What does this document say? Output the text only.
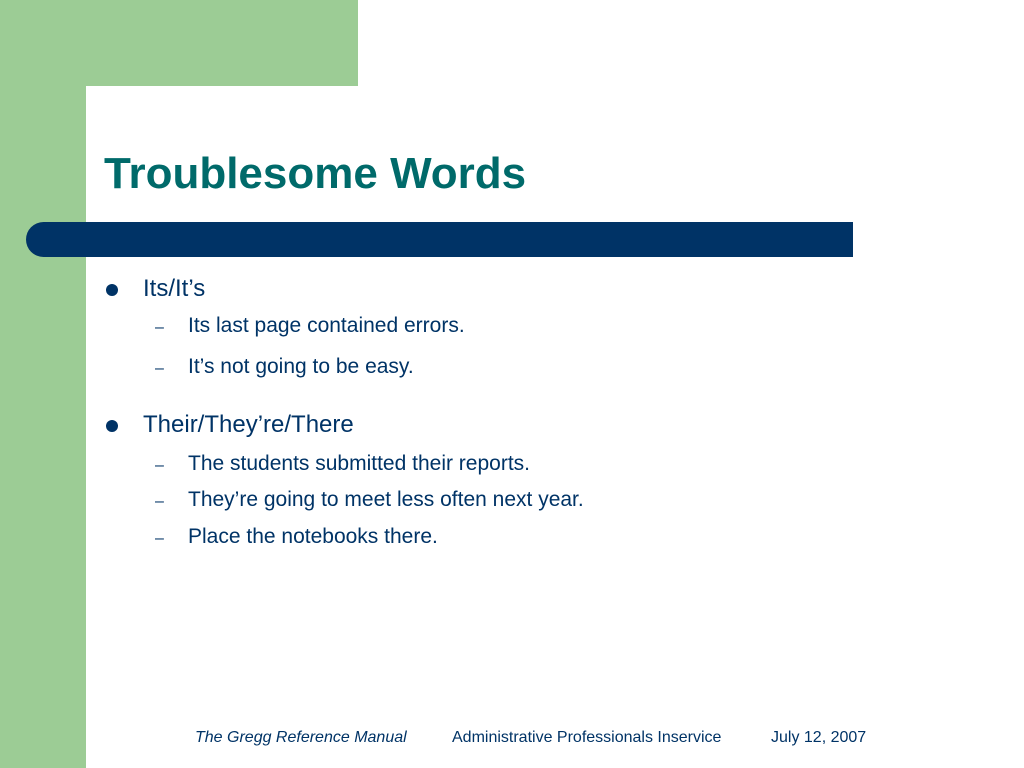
Troublesome Words
Its/It’s
– Its last page contained errors.
– It’s not going to be easy.
Their/They’re/There
– The students submitted their reports.
– They’re going to meet less often next year.
– Place the notebooks there.
The Gregg Reference Manual	Administrative Professionals Inservice	July 12, 2007
